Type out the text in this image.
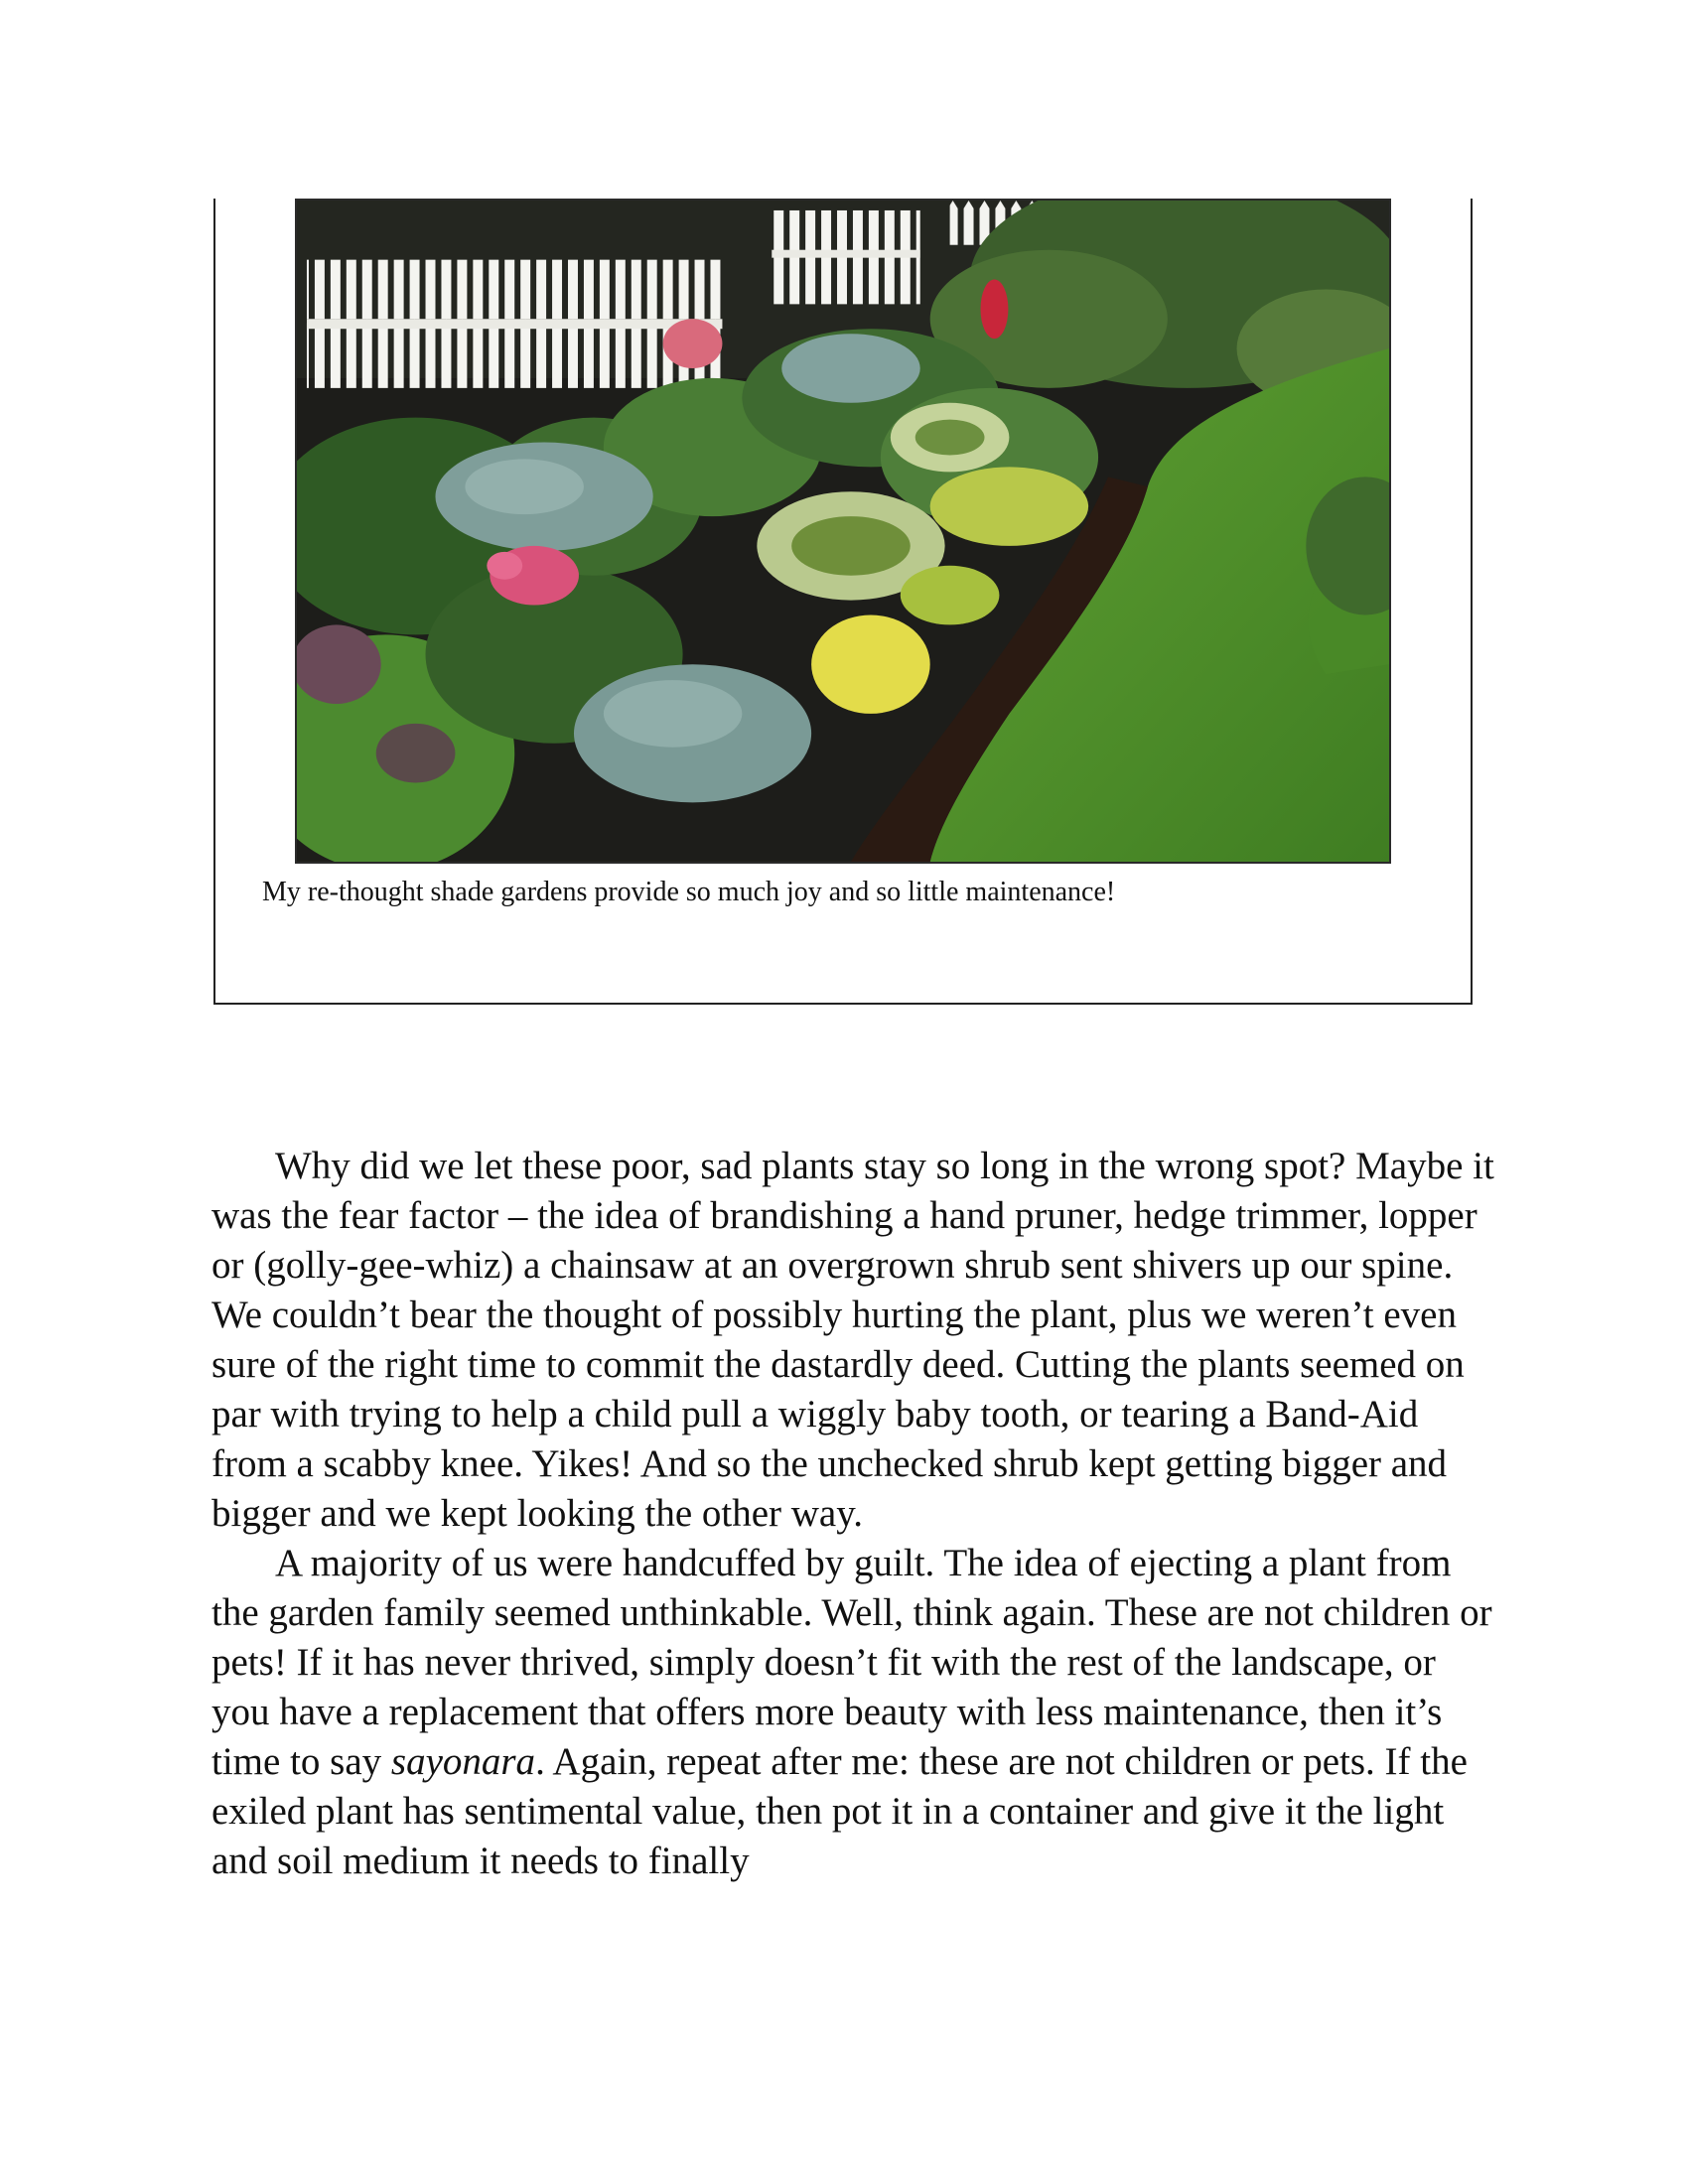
My re-thought shade gardens provide so much joy and so little maintenance!

Why did we let these poor, sad plants stay so long in the wrong spot? Maybe it was the fear factor – the idea of brandishing a hand pruner, hedge trimmer, lopper or (golly-gee-whiz) a chainsaw at an overgrown shrub sent shivers up our spine. We couldn’t bear the thought of possibly hurting the plant, plus we weren’t even sure of the right time to commit the dastardly deed. Cutting the plants seemed on par with trying to help a child pull a wiggly baby tooth, or tearing a Band-Aid from a scabby knee. Yikes! And so the unchecked shrub kept getting bigger and bigger and we kept looking the other way.

A majority of us were handcuffed by guilt. The idea of ejecting a plant from the garden family seemed unthinkable. Well, think again. These are not children or pets! If it has never thrived, simply doesn’t fit with the rest of the landscape, or you have a replacement that offers more beauty with less maintenance, then it’s time to say sayonara. Again, repeat after me: these are not children or pets. If the exiled plant has sentimental value, then pot it in a container and give it the light and soil medium it needs to finally
